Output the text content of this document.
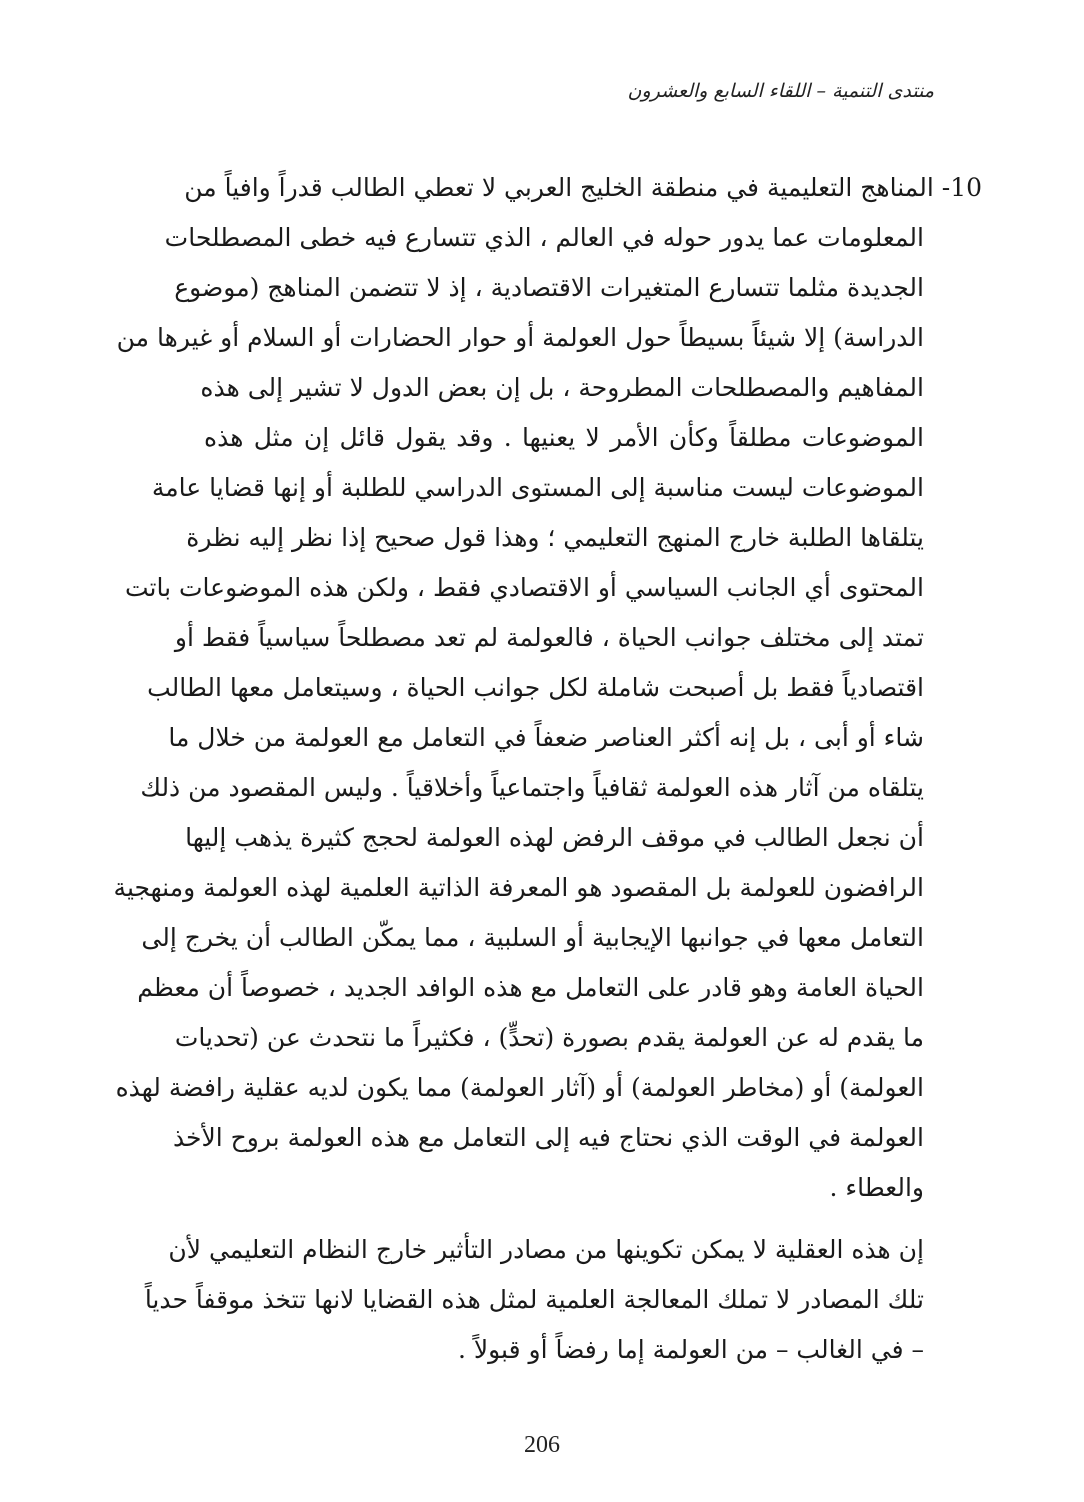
منتدى التنمية – اللقاء السابع والعشرون
10- المناهج التعليمية في منطقة الخليج العربي لا تعطي الطالب قدراً وافياً من
المعلومات عما يدور حوله في العالم ، الذي تتسارع فيه خطى المصطلحات
الجديدة مثلما تتسارع المتغيرات الاقتصادية ، إذ لا تتضمن المناهج (موضوع
الدراسة) إلا شيئاً بسيطاً حول العولمة أو حوار الحضارات أو السلام أو غيرها من
المفاهيم والمصطلحات المطروحة ، بل إن بعض الدول لا تشير إلى هذه
الموضوعات مطلقاً وكأن الأمر لا يعنيها . وقد يقول قائل إن مثل هذه
الموضوعات ليست مناسبة إلى المستوى الدراسي للطلبة أو إنها قضايا عامة
يتلقاها الطلبة خارج المنهج التعليمي ؛ وهذا قول صحيح إذا نظر إليه نظرة
المحتوى أي الجانب السياسي أو الاقتصادي فقط ، ولكن هذه الموضوعات باتت
تمتد إلى مختلف جوانب الحياة ، فالعولمة لم تعد مصطلحاً سياسياً فقط أو
اقتصادياً فقط بل أصبحت شاملة لكل جوانب الحياة ، وسيتعامل معها الطالب
شاء أو أبى ، بل إنه أكثر العناصر ضعفاً في التعامل مع العولمة من خلال ما
يتلقاه من آثار هذه العولمة ثقافياً واجتماعياً وأخلاقياً . وليس المقصود من ذلك
أن نجعل الطالب في موقف الرفض لهذه العولمة لحجج كثيرة يذهب إليها
الرافضون للعولمة بل المقصود هو المعرفة الذاتية العلمية لهذه العولمة ومنهجية
التعامل معها في جوانبها الإيجابية أو السلبية ، مما يمكّن الطالب أن يخرج إلى
الحياة العامة وهو قادر على التعامل مع هذه الوافد الجديد ، خصوصاً أن معظم
ما يقدم له عن العولمة يقدم بصورة (تحدٍّ) ، فكثيراً ما نتحدث عن (تحديات
العولمة) أو (مخاطر العولمة) أو (آثار العولمة) مما يكون لديه عقلية رافضة لهذه
العولمة في الوقت الذي نحتاج فيه إلى التعامل مع هذه العولمة بروح الأخذ
والعطاء .
إن هذه العقلية لا يمكن تكوينها من مصادر التأثير خارج النظام التعليمي لأن
تلك المصادر لا تملك المعالجة العلمية لمثل هذه القضايا لانها تتخذ موقفاً حدياً
– في الغالب – من العولمة إما رفضاً أو قبولاً .
206
